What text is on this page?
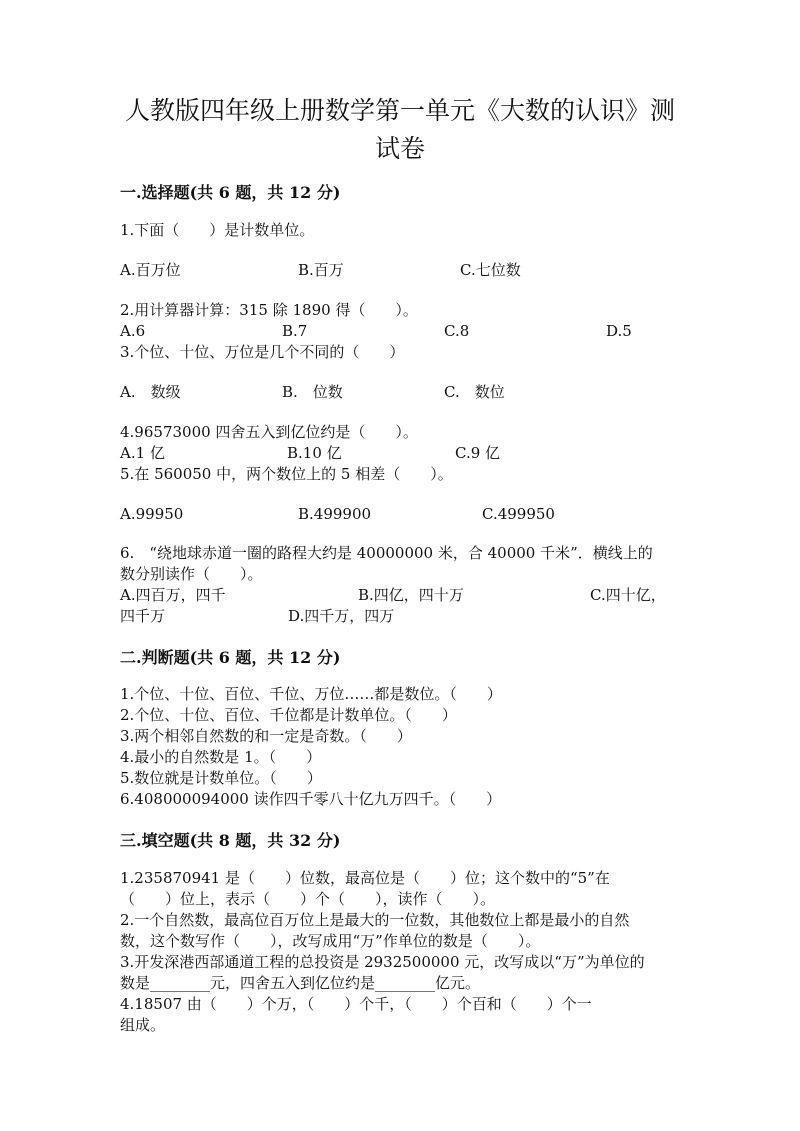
人教版四年级上册数学第一单元《大数的认识》测
试卷
一.选择题(共 6 题，共 12 分)
1.下面（　　）是计数单位。
A.百万位	B.百万	C.七位数
2.用计算器计算：315 除 1890 得（　　）。
A.6	B.7	C.8	D.5
3.个位、十位、万位是几个不同的（　　）
A.　数级	B.　位数	C.　数位
4.96573000 四舍五入到亿位约是（　　）。
A.1 亿	B.10 亿	C.9 亿
5.在 560050 中，两个数位上的 5 相差（　　）。
A.99950	B.499900	C.499950
6.　“绕地球赤道一圈的路程大约是 40000000 米，合 40000 千米”．横线上的
数分别读作（　　）。
A.四百万，四千	B.四亿，四十万	C.四十亿，
四千万	D.四千万，四万
二.判断题(共 6 题，共 12 分)
1.个位、十位、百位、千位、万位……都是数位。（　　）
2.个位、十位、百位、千位都是计数单位。（　　）
3.两个相邻自然数的和一定是奇数。（　　）
4.最小的自然数是 1。（　　）
5.数位就是计数单位。（　　）
6.408000094000 读作四千零八十亿九万四千。（　　）
三.填空题(共 8 题，共 32 分)
1.235870941 是（　　）位数，最高位是（　　）位；这个数中的“5”在
（　　）位上，表示（　　）个（　　），读作（　　）。
2.一个自然数，最高位百万位上是最大的一位数，其他数位上都是最小的自然
数，这个数写作（　　），改写成用“万”作单位的数是（　　）。
3.开发深港西部通道工程的总投资是 2932500000 元，改写成以“万”为单位的
数是________元，四舍五入到亿位约是________亿元。
4.18507 由（　　）个万，（　　）个千，（　　）个百和（　　）个一
组成。
